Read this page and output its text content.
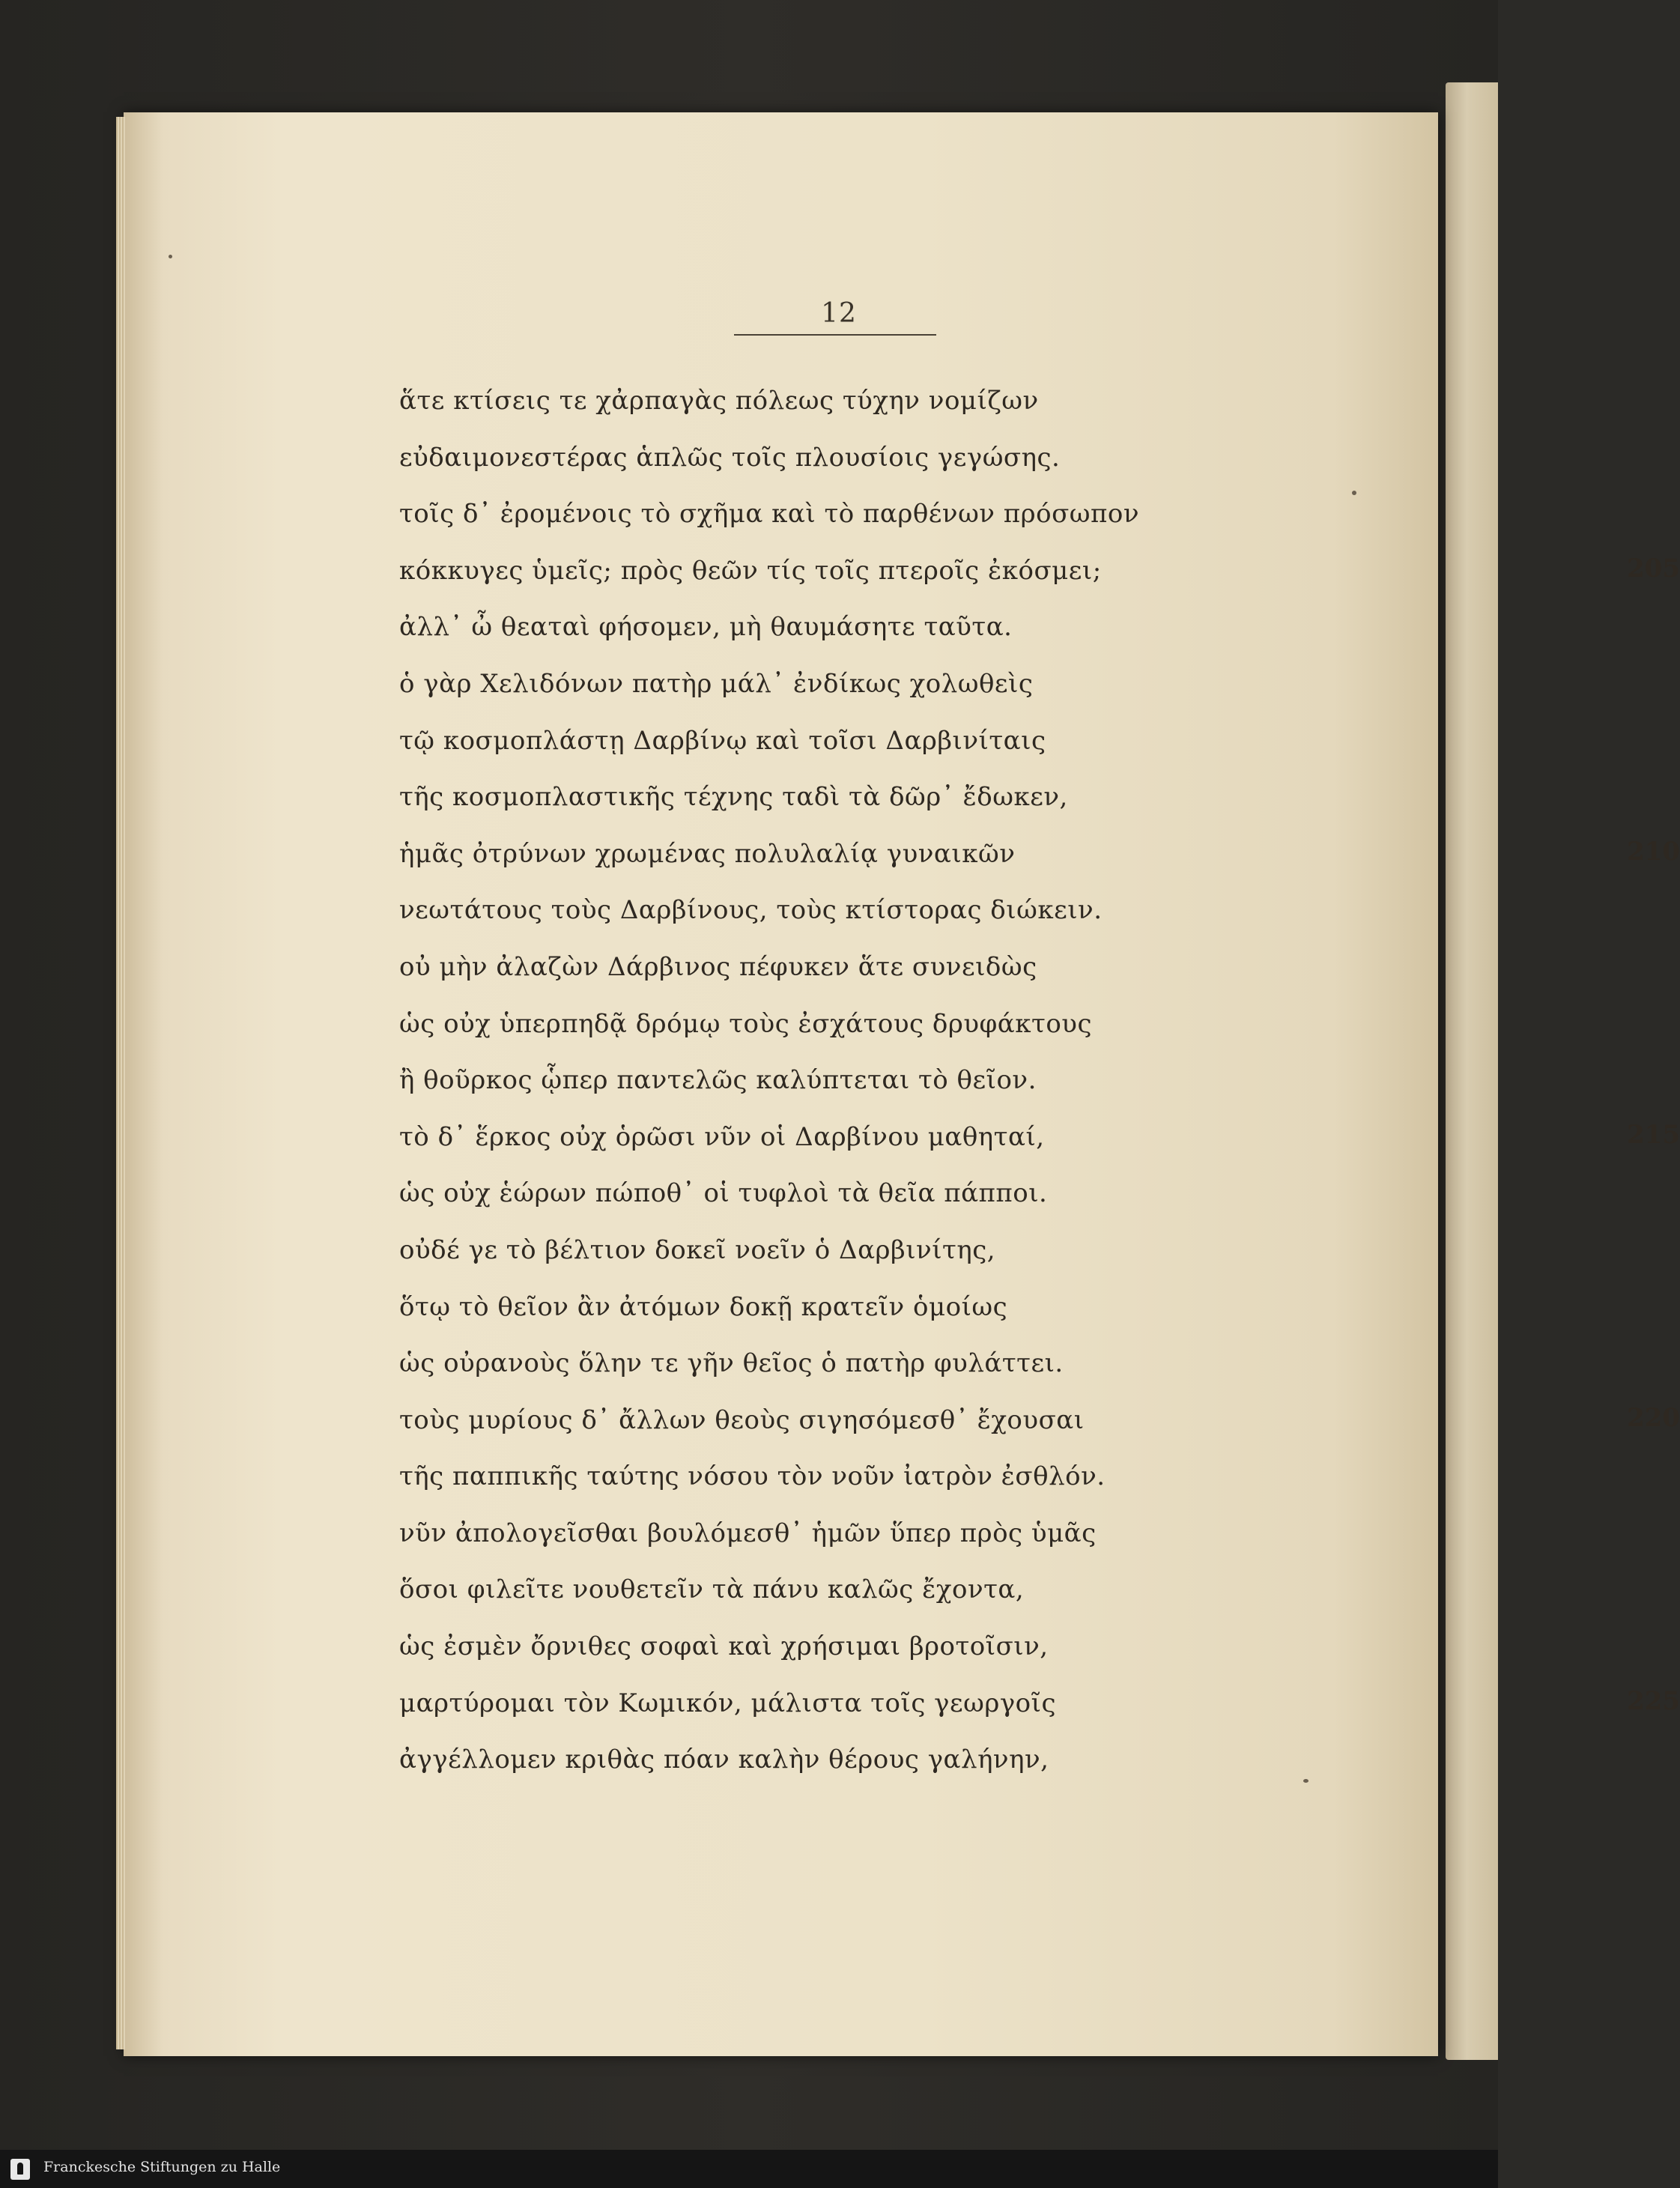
12
205
210
215
220
225
ἅτε κτίσεις τε χἀρπαγὰς πόλεως τύχην νομίζων
εὐδαιμονεστέρας ἁπλῶς τοῖς πλουσίοις γεγώσης.
τοῖς δ᾽ ἐρομένοις τὸ σχῆμα καὶ τὸ παρθένων πρόσωπον
κόκκυγες ὑμεῖς; πρὸς θεῶν τίς τοῖς πτεροῖς ἐκόσμει;
ἀλλ᾽ ὦ θεαταὶ φήσομεν, μὴ θαυμάσητε ταῦτα.
ὁ γὰρ Χελιδόνων πατὴρ μάλ᾽ ἐνδίκως χολωθεὶς
τῷ κοσμοπλάστῃ Δαρβίνῳ καὶ τοῖσι Δαρβινίταις
τῆς κοσμοπλαστικῆς τέχνης ταδὶ τὰ δῶρ᾽ ἔδωκεν,
ἡμᾶς ὀτρύνων χρωμένας πολυλαλίᾳ γυναικῶν
νεωτάτους τοὺς Δαρβίνους, τοὺς κτίστορας διώκειν.
οὐ μὴν ἀλαζὼν Δάρβινος πέφυκεν ἅτε συνειδὼς
ὡς οὐχ ὑπερπηδᾷ δρόμῳ τοὺς ἐσχάτους δρυφάκτους
ἢ θοῦρκος ᾧπερ παντελῶς καλύπτεται τὸ θεῖον.
τὸ δ᾽ ἕρκος οὐχ ὁρῶσι νῦν οἱ Δαρβίνου μαθηταί,
ὡς οὐχ ἑώρων πώποθ᾽ οἱ τυφλοὶ τὰ θεῖα πάπποι.
οὐδέ γε τὸ βέλτιον δοκεῖ νοεῖν ὁ Δαρβινίτης,
ὅτῳ τὸ θεῖον ἂν ἀτόμων δοκῇ κρατεῖν ὁμοίως
ὡς οὐρανοὺς ὅλην τε γῆν θεῖος ὁ πατὴρ φυλάττει.
τοὺς μυρίους δ᾽ ἄλλων θεοὺς σιγησόμεσθ᾽ ἔχουσαι
τῆς παππικῆς ταύτης νόσου τὸν νοῦν ἰατρὸν ἐσθλόν.
νῦν ἀπολογεῖσθαι βουλόμεσθ᾽ ἡμῶν ὕπερ πρὸς ὑμᾶς
ὅσοι φιλεῖτε νουθετεῖν τὰ πάνυ καλῶς ἔχοντα,
ὡς ἐσμὲν ὄρνιθες σοφαὶ καὶ χρήσιμαι βροτοῖσιν,
μαρτύρομαι τὸν Κωμικόν, μάλιστα τοῖς γεωργοῖς
ἀγγέλλομεν κριθὰς πόαν καλὴν θέρους γαλήνην,
Franckesche Stiftungen zu Halle
